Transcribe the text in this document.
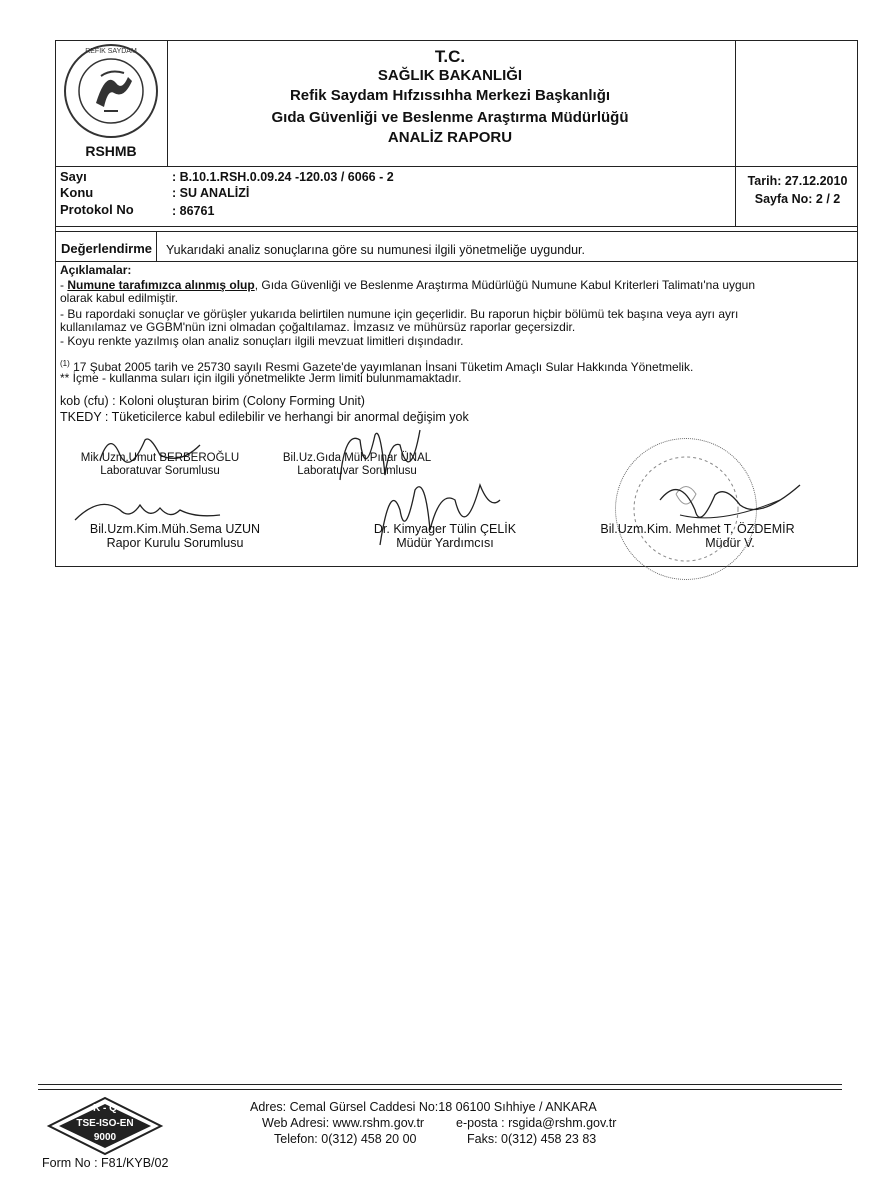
REFİK SAYDAM
RSHMB
T.C.
SAĞLIK BAKANLIĞI
Refik Saydam Hıfzıssıhha Merkezi Başkanlığı
Gıda Güvenliği ve Beslenme Araştırma Müdürlüğü
ANALİZ RAPORU
Sayı	: B.10.1.RSH.0.09.24 -120.03 / 6066 - 2
Konu	: SU ANALİZİ
Protokol No	: 86761
Tarih: 27.12.2010
Sayfa No: 2 / 2
Değerlendirme Yukarıdaki analiz sonuçlarına göre su numunesi ilgili yönetmeliğe uygundur.
Açıklamalar:
- Numune tarafımızca alınmış olup, Gıda Güvenliği ve Beslenme Araştırma Müdürlüğü Numune Kabul Kriterleri Talimatı'na uygun
olarak kabul edilmiştir.
- Bu rapordaki sonuçlar ve görüşler yukarıda belirtilen numune için geçerlidir. Bu raporun hiçbir bölümü tek başına veya ayrı ayrı
kullanılamaz ve GGBM'nün izni olmadan çoğaltılamaz. İmzasız ve mühürsüz raporlar geçersizdir.
- Koyu renkte yazılmış olan analiz sonuçları ilgili mevzuat limitleri dışındadır.
$^{(1)}$ 17 Şubat 2005 tarih ve 25730 sayılı Resmi Gazete'de yayımlanan İnsani Tüketim Amaçlı Sular Hakkında Yönetmelik.
** İçme - kullanma suları için ilgili yönetmelikte Jerm limiti bulunmamaktadır.
kob (cfu) : Koloni oluşturan birim (Colony Forming Unit)
TKEDY : Tüketicilerce kabul edilebilir ve herhangi bir anormal değişim yok
Mik.Uzm.Umut BERBEROĞLU
Laboratuvar Sorumlusu
Bil.Uz.Gıda Müh.Pınar ÜNAL
Laboratuvar Sorumlusu
Bil.Uzm.Kim.Müh.Sema UZUN
Rapor Kurulu Sorumlusu
Dr. Kimyager Tülin ÇELİK
Müdür Yardımcısı
Bil.Uzm.Kim. Mehmet T. ÖZDEMİR
Müdür V.
K - Q
TSE-ISO-EN
9000
Adres: Cemal Gürsel Caddesi No:18 06100 Sıhhiye / ANKARA
Web Adresi: www.rshm.gov.tr	e-posta : rsgida@rshm.gov.tr
Telefon: 0(312) 458 20 00	Faks: 0(312) 458 23 83
Form No : F81/KYB/02
